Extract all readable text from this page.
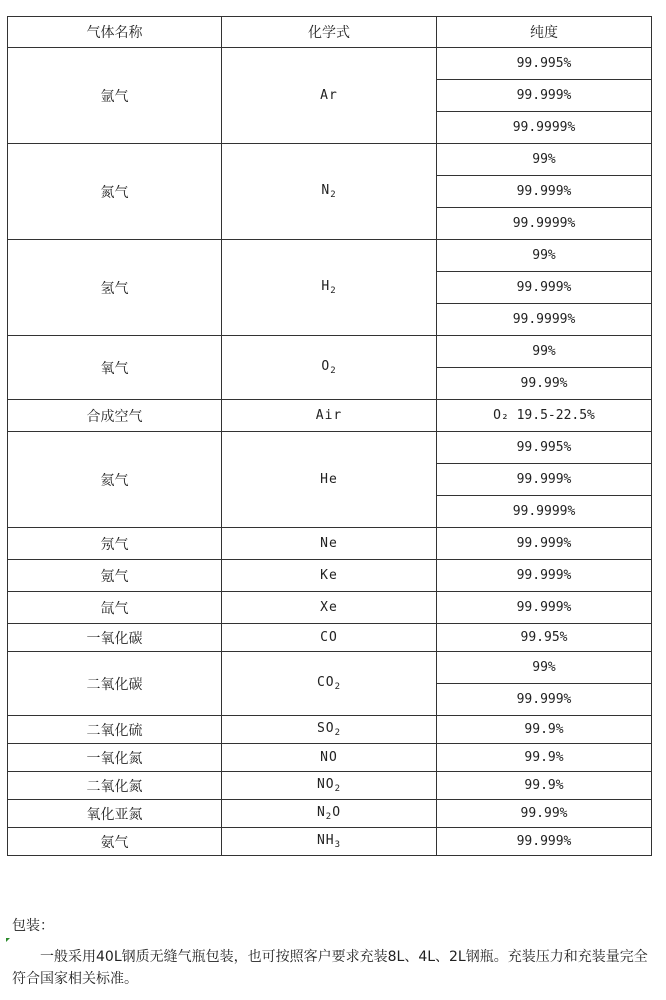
气体名称	化学式	纯度
氩气	Ar	99.995%
		99.999%
		99.9999%
氮气	$N_2$	99%
		99.999%
		99.9999%
氢气	$H_2$	99%
		99.999%
		99.9999%
氧气	$O_2$	99%
		99.99%
合成空气	Air	O₂ 19.5-22.5%
氦气	He	99.995%
		99.999%
		99.9999%
氖气	Ne	99.999%
氪气	Ke	99.999%
氙气	Xe	99.999%
一氧化碳	CO	99.95%
二氧化碳	$CO_2$	99%
		99.999%
二氧化硫	$SO_2$	99.9%
一氧化氮	NO	99.9%
二氧化氮	$NO_2$	99.9%
氧化亚氮	$N_2O$	99.99%
氨气	$NH_3$	99.999%

包装：

一般采用40L钢质无缝气瓶包装，也可按照客户要求充装8L、4L、2L钢瓶。充装压力和充装量完全符合国家相关标准。
